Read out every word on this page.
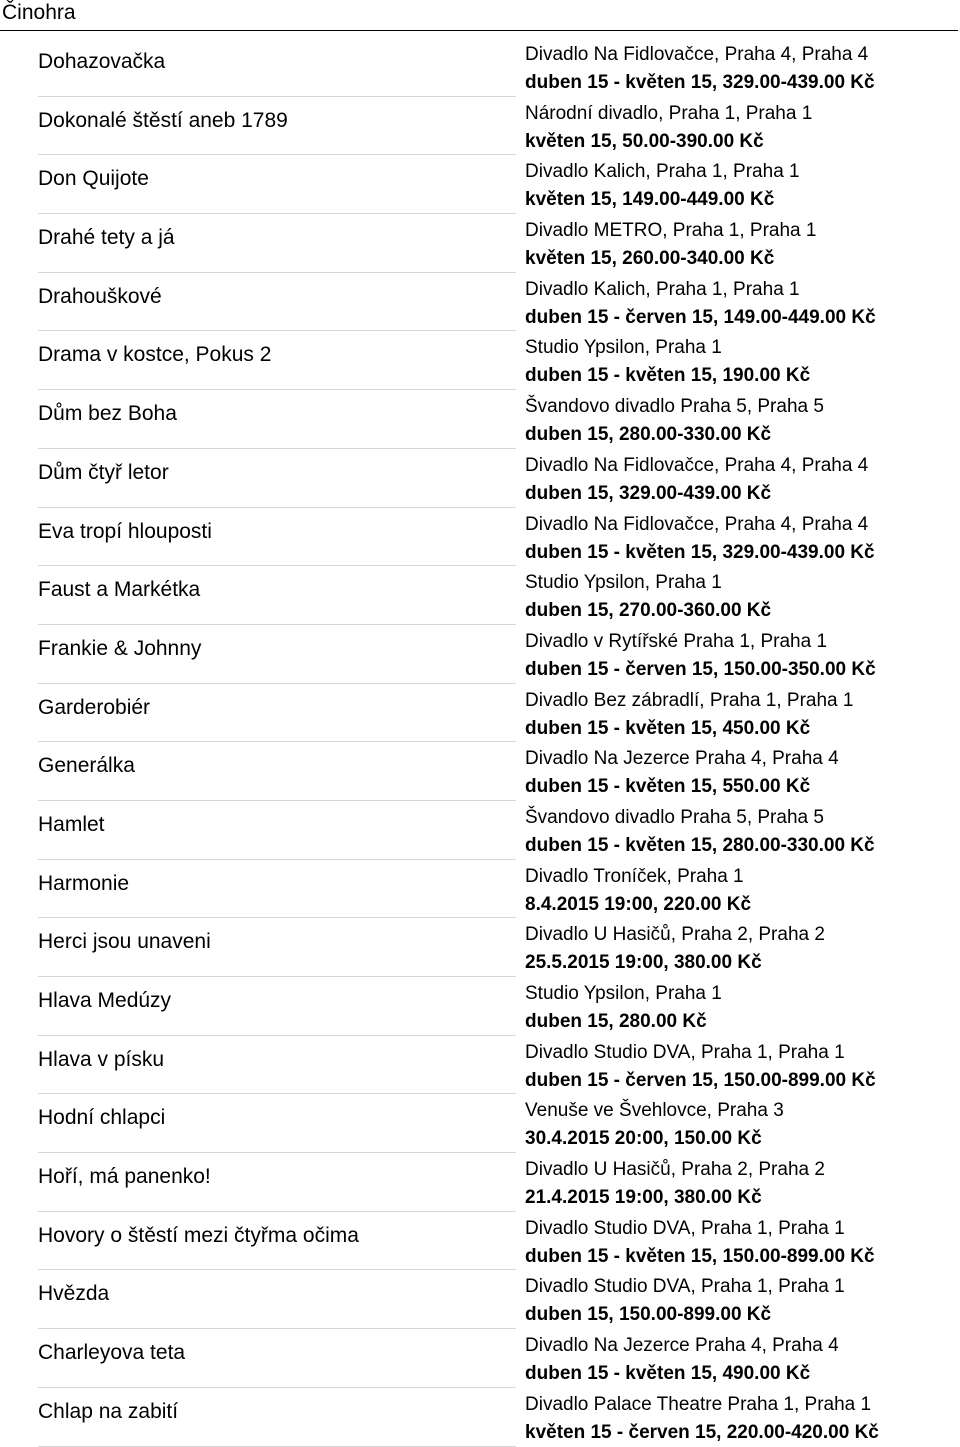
Činohra
Dohazovačka	Divadlo Na Fidlovačce, Praha 4, Praha 4
duben 15 - květen 15, 329.00-439.00 Kč
Dokonalé štěstí aneb 1789	Národní divadlo, Praha 1, Praha 1
květen 15, 50.00-390.00 Kč
Don Quijote	Divadlo Kalich, Praha 1, Praha 1
květen 15, 149.00-449.00 Kč
Drahé tety a já	Divadlo METRO, Praha 1, Praha 1
květen 15, 260.00-340.00 Kč
Drahouškové	Divadlo Kalich, Praha 1, Praha 1
duben 15 - červen 15, 149.00-449.00 Kč
Drama v kostce, Pokus 2	Studio Ypsilon, Praha 1
duben 15 - květen 15, 190.00 Kč
Dům bez Boha	Švandovo divadlo Praha 5, Praha 5
duben 15, 280.00-330.00 Kč
Dům čtyř letor	Divadlo Na Fidlovačce, Praha 4, Praha 4
duben 15, 329.00-439.00 Kč
Eva tropí hlouposti	Divadlo Na Fidlovačce, Praha 4, Praha 4
duben 15 - květen 15, 329.00-439.00 Kč
Faust a Markétka	Studio Ypsilon, Praha 1
duben 15, 270.00-360.00 Kč
Frankie & Johnny	Divadlo v Rytířské Praha 1, Praha 1
duben 15 - červen 15, 150.00-350.00 Kč
Garderobiér	Divadlo Bez zábradlí, Praha 1, Praha 1
duben 15 - květen 15, 450.00 Kč
Generálka	Divadlo Na Jezerce Praha 4, Praha 4
duben 15 - květen 15, 550.00 Kč
Hamlet	Švandovo divadlo Praha 5, Praha 5
duben 15 - květen 15, 280.00-330.00 Kč
Harmonie	Divadlo Troníček, Praha 1
8.4.2015 19:00, 220.00 Kč
Herci jsou unaveni	Divadlo U Hasičů, Praha 2, Praha 2
25.5.2015 19:00, 380.00 Kč
Hlava Medúzy	Studio Ypsilon, Praha 1
duben 15, 280.00 Kč
Hlava v písku	Divadlo Studio DVA, Praha 1, Praha 1
duben 15 - červen 15, 150.00-899.00 Kč
Hodní chlapci	Venuše ve Švehlovce, Praha 3
30.4.2015 20:00, 150.00 Kč
Hoří, má panenko!	Divadlo U Hasičů, Praha 2, Praha 2
21.4.2015 19:00, 380.00 Kč
Hovory o štěstí mezi čtyřma očima	Divadlo Studio DVA, Praha 1, Praha 1
duben 15 - květen 15, 150.00-899.00 Kč
Hvězda	Divadlo Studio DVA, Praha 1, Praha 1
duben 15, 150.00-899.00 Kč
Charleyova teta	Divadlo Na Jezerce Praha 4, Praha 4
duben 15 - květen 15, 490.00 Kč
Chlap na zabití	Divadlo Palace Theatre Praha 1, Praha 1
květen 15 - červen 15, 220.00-420.00 Kč
